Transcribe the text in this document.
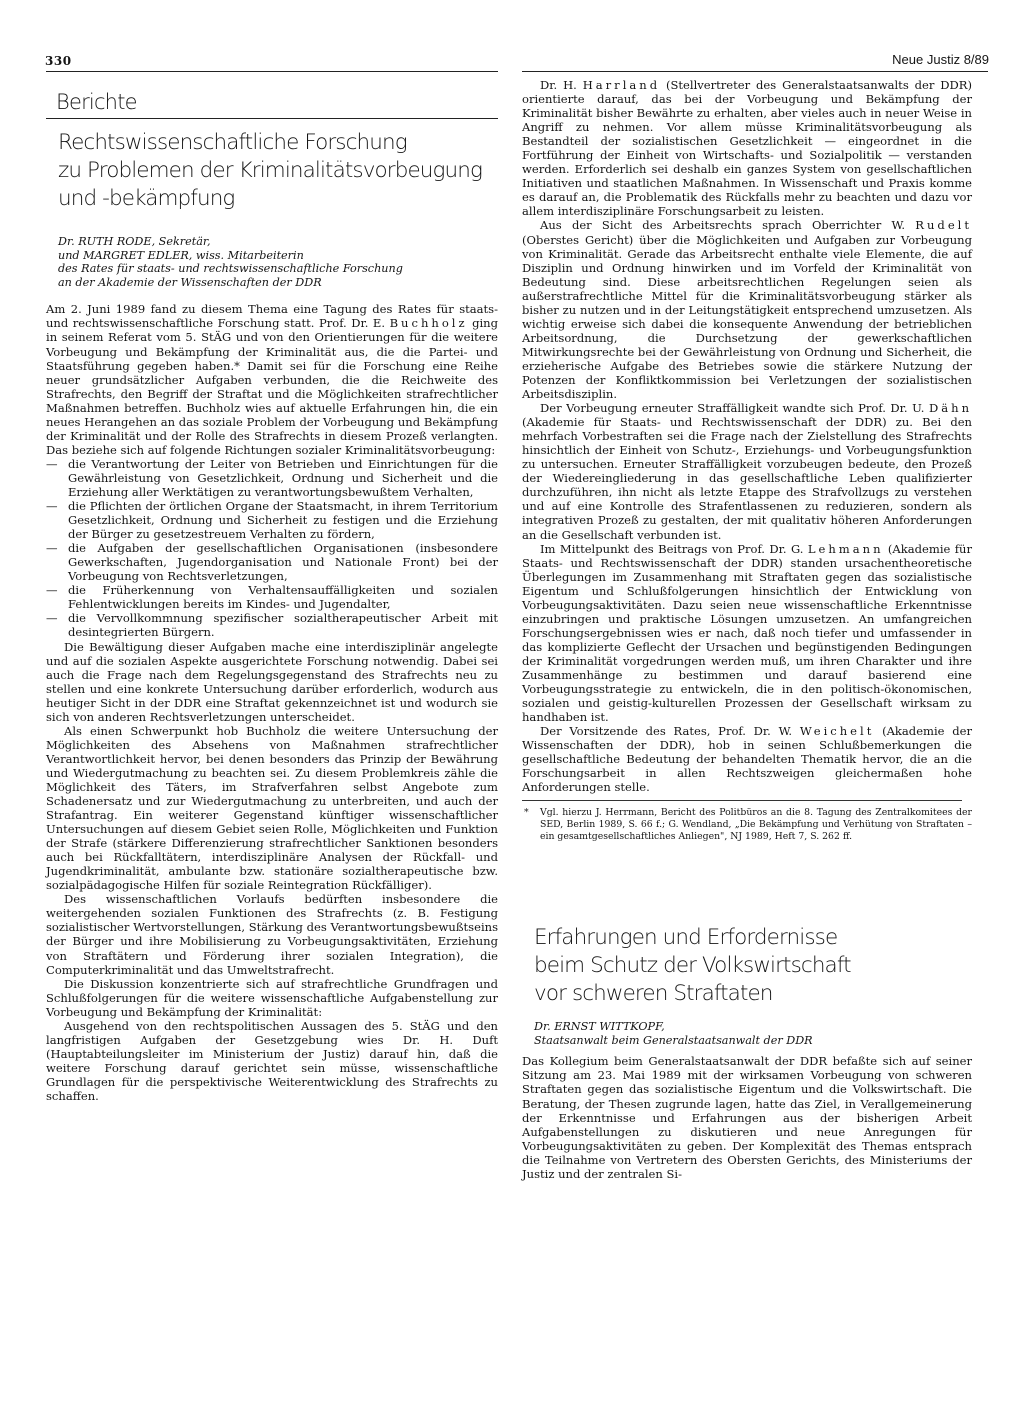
330	Neue Justiz 8/89
Berichte
Rechtswissenschaftliche Forschung
zu Problemen der Kriminalitätsvorbeugung
und -bekämpfung
Dr. RUTH RODE, Sekretär,
und MARGRET EDLER, wiss. Mitarbeiterin
des Rates für staats- und rechtswissenschaftliche Forschung
an der Akademie der Wissenschaften der DDR

Am 2. Juni 1989 fand zu diesem Thema eine Tagung des Rates für staats- und rechtswissenschaftliche Forschung statt. Prof. Dr. E. Buchholz ging in seinem Referat vom 5. StÄG und von den Orientierungen für die weitere Vorbeugung und Bekämpfung der Kriminalität aus, die die Partei- und Staatsführung gegeben haben.* Damit sei für die Forschung eine Reihe neuer grundsätzlicher Aufgaben verbunden, die die Reichweite des Strafrechts, den Begriff der Straftat und die Möglichkeiten strafrechtlicher Maßnahmen betreffen. Buchholz wies auf aktuelle Erfahrungen hin, die ein neues Herangehen an das soziale Problem der Vorbeugung und Bekämpfung der Kriminalität und der Rolle des Strafrechts in diesem Prozeß verlangten. Das beziehe sich auf folgende Richtungen sozialer Kriminalitätsvorbeugung:

— die Verantwortung der Leiter von Betrieben und Einrichtungen für die Gewährleistung von Gesetzlichkeit, Ordnung und Sicherheit und die Erziehung aller Werktätigen zu verantwortungsbewußtem Verhalten,
— die Pflichten der örtlichen Organe der Staatsmacht, in ihrem Territorium Gesetzlichkeit, Ordnung und Sicherheit zu festigen und die Erziehung der Bürger zu gesetzestreuem Verhalten zu fördern,
— die Aufgaben der gesellschaftlichen Organisationen (insbesondere Gewerkschaften, Jugendorganisation und Nationale Front) bei der Vorbeugung von Rechtsverletzungen,
— die Früherkennung von Verhaltensauffälligkeiten und sozialen Fehlentwicklungen bereits im Kindes- und Jugendalter,
— die Vervollkommnung spezifischer sozialtherapeutischer Arbeit mit desintegrierten Bürgern.

Die Bewältigung dieser Aufgaben mache eine interdisziplinär angelegte und auf die sozialen Aspekte ausgerichtete Forschung notwendig. Dabei sei auch die Frage nach dem Regelungsgegenstand des Strafrechts neu zu stellen und eine konkrete Untersuchung darüber erforderlich, wodurch aus heutiger Sicht in der DDR eine Straftat gekennzeichnet ist und wodurch sie sich von anderen Rechtsverletzungen unterscheidet.

Als einen Schwerpunkt hob Buchholz die weitere Untersuchung der Möglichkeiten des Absehens von Maßnahmen strafrechtlicher Verantwortlichkeit hervor, bei denen besonders das Prinzip der Bewährung und Wiedergutmachung zu beachten sei. Zu diesem Problemkreis zähle die Möglichkeit des Täters, im Strafverfahren selbst Angebote zum Schadenersatz und zur Wiedergutmachung zu unterbreiten, und auch der Strafantrag. Ein weiterer Gegenstand künftiger wissenschaftlicher Untersuchungen auf diesem Gebiet seien Rolle, Möglichkeiten und Funktion der Strafe (stärkere Differenzierung strafrechtlicher Sanktionen besonders auch bei Rückfalltätern, interdisziplinäre Analysen der Rückfall- und Jugendkriminalität, ambulante bzw. stationäre sozialtherapeutische bzw. sozialpädagogische Hilfen für soziale Reintegration Rückfälliger).

Des wissenschaftlichen Vorlaufs bedürften insbesondere die weitergehenden sozialen Funktionen des Strafrechts (z. B. Festigung sozialistischer Wertvorstellungen, Stärkung des Verantwortungsbewußtseins der Bürger und ihre Mobilisierung zu Vorbeugungsaktivitäten, Erziehung von Straftätern und Förderung ihrer sozialen Integration), die Computerkriminalität und das Umweltstrafrecht.

Die Diskussion konzentrierte sich auf strafrechtliche Grundfragen und Schlußfolgerungen für die weitere wissenschaftliche Aufgabenstellung zur Vorbeugung und Bekämpfung der Kriminalität:

Ausgehend von den rechtspolitischen Aussagen des 5. StÄG und den langfristigen Aufgaben der Gesetzgebung wies Dr. H. Duft (Hauptabteilungsleiter im Ministerium der Justiz) darauf hin, daß die weitere Forschung darauf gerichtet sein müsse, wissenschaftliche Grundlagen für die perspektivische Weiterentwicklung des Strafrechts zu schaffen.

Dr. H. Harrland (Stellvertreter des Generalstaatsanwalts der DDR) orientierte darauf, das bei der Vorbeugung und Bekämpfung der Kriminalität bisher Bewährte zu erhalten, aber vieles auch in neuer Weise in Angriff zu nehmen. Vor allem müsse Kriminalitätsvorbeugung als Bestandteil der sozialistischen Gesetzlichkeit — eingeordnet in die Fortführung der Einheit von Wirtschafts- und Sozialpolitik — verstanden werden. Erforderlich sei deshalb ein ganzes System von gesellschaftlichen Initiativen und staatlichen Maßnahmen. In Wissenschaft und Praxis komme es darauf an, die Problematik des Rückfalls mehr zu beachten und dazu vor allem interdisziplinäre Forschungsarbeit zu leisten.

Aus der Sicht des Arbeitsrechts sprach Oberrichter W. Rudelt (Oberstes Gericht) über die Möglichkeiten und Aufgaben zur Vorbeugung von Kriminalität. Gerade das Arbeitsrecht enthalte viele Elemente, die auf Disziplin und Ordnung hinwirken und im Vorfeld der Kriminalität von Bedeutung sind. Diese arbeitsrechtlichen Regelungen seien als außerstrafrechtliche Mittel für die Kriminalitätsvorbeugung stärker als bisher zu nutzen und in der Leitungstätigkeit entsprechend umzusetzen. Als wichtig erweise sich dabei die konsequente Anwendung der betrieblichen Arbeitsordnung, die Durchsetzung der gewerkschaftlichen Mitwirkungsrechte bei der Gewährleistung von Ordnung und Sicherheit, die erzieherische Aufgabe des Betriebes sowie die stärkere Nutzung der Potenzen der Konfliktkommission bei Verletzungen der sozialistischen Arbeitsdisziplin.

Der Vorbeugung erneuter Straffälligkeit wandte sich Prof. Dr. U. Dähn (Akademie für Staats- und Rechtswissenschaft der DDR) zu. Bei den mehrfach Vorbestraften sei die Frage nach der Zielstellung des Strafrechts hinsichtlich der Einheit von Schutz-, Erziehungs- und Vorbeugungsfunktion zu untersuchen. Erneuter Straffälligkeit vorzubeugen bedeute, den Prozeß der Wiedereingliederung in das gesellschaftliche Leben qualifizierter durchzuführen, ihn nicht als letzte Etappe des Strafvollzugs zu verstehen und auf eine Kontrolle des Strafentlassenen zu reduzieren, sondern als integrativen Prozeß zu gestalten, der mit qualitativ höheren Anforderungen an die Gesellschaft verbunden ist.

Im Mittelpunkt des Beitrags von Prof. Dr. G. Lehmann (Akademie für Staats- und Rechtswissenschaft der DDR) standen ursachentheoretische Überlegungen im Zusammenhang mit Straftaten gegen das sozialistische Eigentum und Schlußfolgerungen hinsichtlich der Entwicklung von Vorbeugungsaktivitäten. Dazu seien neue wissenschaftliche Erkenntnisse einzubringen und praktische Lösungen umzusetzen. An umfangreichen Forschungsergebnissen wies er nach, daß noch tiefer und umfassender in das komplizierte Geflecht der Ursachen und begünstigenden Bedingungen der Kriminalität vorgedrungen werden muß, um ihren Charakter und ihre Zusammenhänge zu bestimmen und darauf basierend eine Vorbeugungsstrategie zu entwickeln, die in den politisch-ökonomischen, sozialen und geistig-kulturellen Prozessen der Gesellschaft wirksam zu handhaben ist.

Der Vorsitzende des Rates, Prof. Dr. W. Weichelt (Akademie der Wissenschaften der DDR), hob in seinen Schlußbemerkungen die gesellschaftliche Bedeutung der behandelten Thematik hervor, die an die Forschungsarbeit in allen Rechtszweigen gleichermaßen hohe Anforderungen stelle.

* Vgl. hierzu J. Herrmann, Bericht des Politbüros an die 8. Tagung des Zentralkomitees der SED, Berlin 1989, S. 66 f.; G. Wendland, „Die Bekämpfung und Verhütung von Straftaten – ein gesamtgesellschaftliches Anliegen", NJ 1989, Heft 7, S. 262 ff.
Erfahrungen und Erfordernisse
beim Schutz der Volkswirtschaft
vor schweren Straftaten
Dr. ERNST WITTKOPF,
Staatsanwalt beim Generalstaatsanwalt der DDR

Das Kollegium beim Generalstaatsanwalt der DDR befaßte sich auf seiner Sitzung am 23. Mai 1989 mit der wirksamen Vorbeugung von schweren Straftaten gegen das sozialistische Eigentum und die Volkswirtschaft. Die Beratung, der Thesen zugrunde lagen, hatte das Ziel, in Verallgemeinerung der Erkenntnisse und Erfahrungen aus der bisherigen Arbeit Aufgabenstellungen zu diskutieren und neue Anregungen für Vorbeugungsaktivitäten zu geben. Der Komplexität des Themas entsprach die Teilnahme von Vertretern des Obersten Gerichts, des Ministeriums der Justiz und der zentralen Si-
